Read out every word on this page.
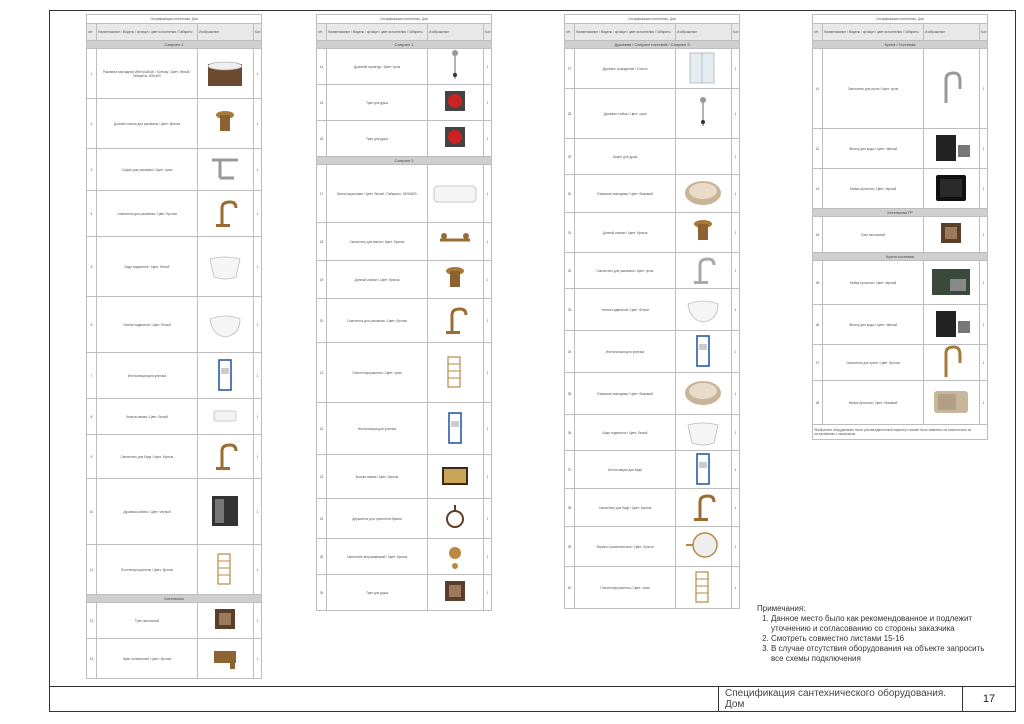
Спецификация сантехники. Дом			
п/п	Наименование / Модель / артикул / цвет исполнения / Габариты	Изображение	Кол
Санузел 1			
1	Раковина накладная Villeroy&Boch / Subway / Цвет: белый / Габариты: 600х400		1
2	Донный клапан для раковины / Цвет: бронза		1
3	Сифон для раковины / Цвет: хром		1
4	Смеситель для раковины / Цвет: бронза		1
5	Биде подвесное / Цвет: белый		1
6	Унитаз подвесной / Цвет: белый		1
7	Инсталляция для унитаза		1
8	Кнопка смыва / Цвет: белый		1
9	Смеситель для биде / Цвет: бронза		1
10	Душевая кабина / Цвет: чёрный		1
11	Полотенцесушитель / Цвет: бронза		1
Котельная			
12	Трап напольный		1
13	Кран поливочный / Цвет: бронза		1
Спецификация сантехники. Дом			
п/п	Наименование / Модель / артикул / цвет исполнения / Габариты	Изображение	Кол
Санузел 1			
14	Душевой гарнитур / Цвет: хром		1
15	Трап для душа		1
16	Трап для душа		1
Санузел 2			
17	Ванна акриловая / Цвет: белый / Габариты: 1800х800		1
18	Смеситель для ванны / Цвет: бронза		1
19	Донный клапан / Цвет: бронза		1
20	Смеситель для раковины / Цвет: бронза		1
21	Полотенцесушитель / Цвет: хром		1
22	Инсталляция для унитаза		1
23	Кнопка смыва / Цвет: бронза		1
24	Держатель для туалетной бумаги		1
25	Смеситель встраиваемый / Цвет: бронза		1
26	Трап для душа		1
Спецификация сантехники. Дом			
п/п	Наименование / Модель / артикул / цвет исполнения / Габариты	Изображение	Кол
Душевая / Санузел гостевой / Санузел 3			
27	Душевое ограждение / Стекло		1
28	Душевая стойка / Цвет: хром		1
29	Шланг для душа		1
30	Раковина накладная / Цвет: бежевый		1
31	Донный клапан / Цвет: бронза		1
32	Смеситель для раковины / Цвет: хром		1
33	Унитаз подвесной / Цвет: белый		1
34	Инсталляция для унитаза		1
35	Раковина накладная / Цвет: бежевый		1
36	Биде подвесное / Цвет: белый		1
37	Инсталляция для биде		1
38	Смеситель для биде / Цвет: бронза		1
39	Зеркало косметическое / Цвет: бронза		1
40	Полотенцесушитель / Цвет: хром		1
Спецификация сантехники. Дом			
п/п	Наименование / Модель / артикул / цвет исполнения / Габариты	Изображение	Кол
Кухня / Гостиная			
41	Смеситель для кухни / Цвет: хром		1
42	Фильтр для воды / Цвет: чёрный		1
43	Мойка кухонная / Цвет: чёрный		1
Котельная ГР			
44	Трап напольный		1
Кухня гостевая			
45	Мойка кухонная / Цвет: чёрный		1
46	Фильтр для воды / Цвет: чёрный		1
47	Смеситель для кухни / Цвет: бронза		1
48	Мойка кухонная / Цвет: бежевый		1
*Выбранное оборудование носит рекомендательный характер и может быть заменено на аналогичное по согласованию с заказчиком.			
Примечания:
1. Данное место было как рекомендованное и подлежит уточнению и согласованию со стороны заказчика
2. Смотреть совместно листами 15-16
3. В случае отсутствия оборудования на объекте запросить все схемы подключения
Спецификация сантехнического оборудования. Дом	17
